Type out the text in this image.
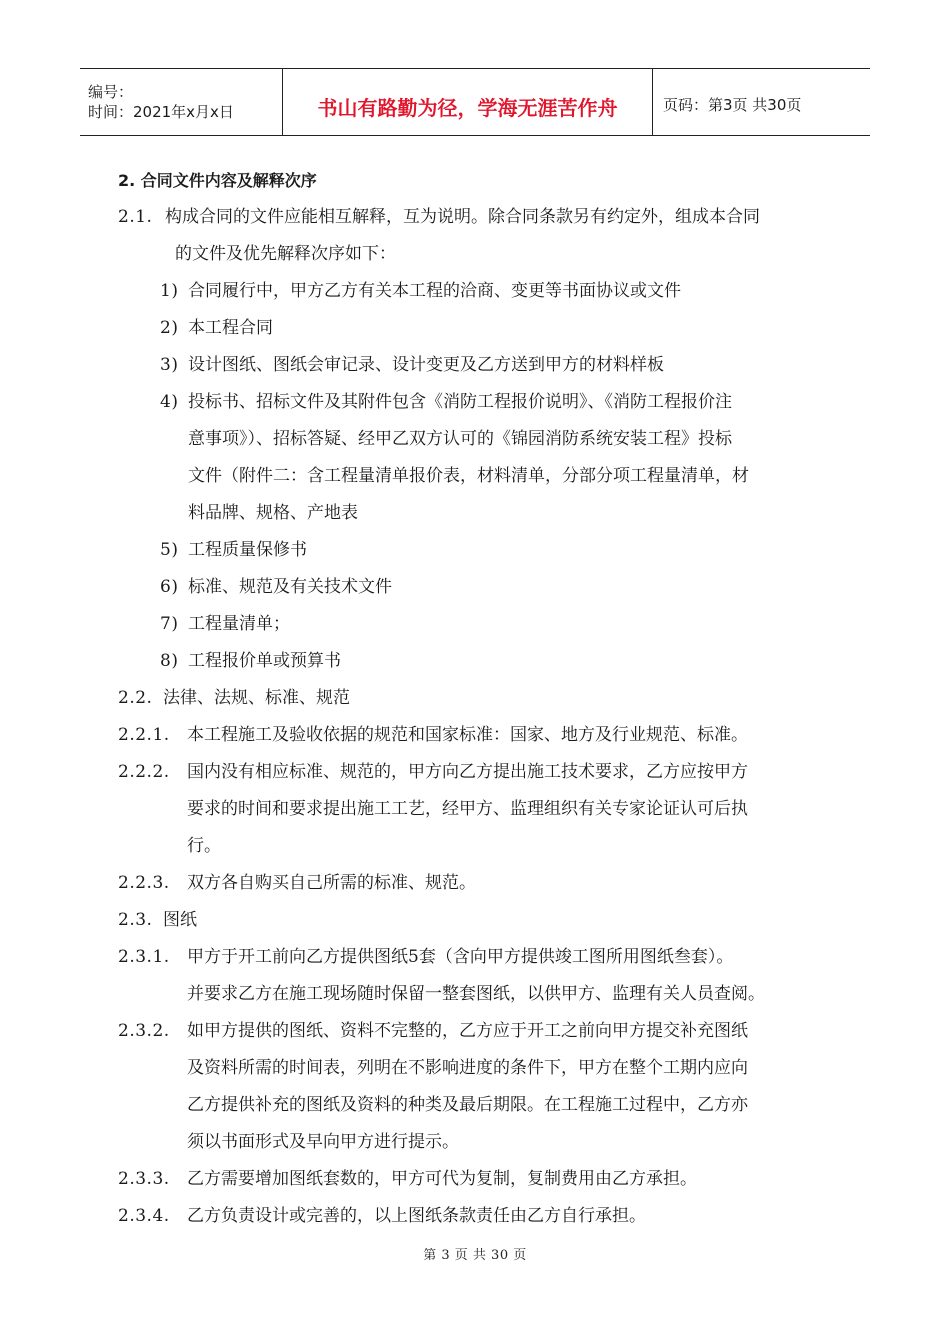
编号：
时间：2021年x月x日	书山有路勤为径，学海无涯苦作舟	页码：第3页 共30页
2. 合同文件内容及解释次序
2.1. 构成合同的文件应能相互解释，互为说明。除合同条款另有约定外，组成本合同
的文件及优先解释次序如下：
1) 合同履行中，甲方乙方有关本工程的洽商、变更等书面协议或文件
2) 本工程合同
3) 设计图纸、图纸会审记录、设计变更及乙方送到甲方的材料样板
4) 投标书、招标文件及其附件包含《消防工程报价说明》、《消防工程报价注
意事项》）、招标答疑、经甲乙双方认可的《锦园消防系统安装工程》投标
文件（附件二：含工程量清单报价表，材料清单，分部分项工程量清单，材
料品牌、规格、产地表
5) 工程质量保修书
6) 标准、规范及有关技术文件
7) 工程量清单；
8) 工程报价单或预算书
2.2. 法律、法规、标准、规范
2.2.1. 本工程施工及验收依据的规范和国家标准：国家、地方及行业规范、标准。
2.2.2. 国内没有相应标准、规范的，甲方向乙方提出施工技术要求，乙方应按甲方
要求的时间和要求提出施工工艺，经甲方、监理组织有关专家论证认可后执
行。
2.2.3. 双方各自购买自己所需的标准、规范。
2.3. 图纸
2.3.1. 甲方于开工前向乙方提供图纸5套（含向甲方提供竣工图所用图纸叁套）。
并要求乙方在施工现场随时保留一整套图纸，以供甲方、监理有关人员查阅。
2.3.2. 如甲方提供的图纸、资料不完整的，乙方应于开工之前向甲方提交补充图纸
及资料所需的时间表，列明在不影响进度的条件下，甲方在整个工期内应向
乙方提供补充的图纸及资料的种类及最后期限。在工程施工过程中，乙方亦
须以书面形式及早向甲方进行提示。
2.3.3. 乙方需要增加图纸套数的，甲方可代为复制，复制费用由乙方承担。
2.3.4. 乙方负责设计或完善的，以上图纸条款责任由乙方自行承担。
第 3 页 共 30 页
